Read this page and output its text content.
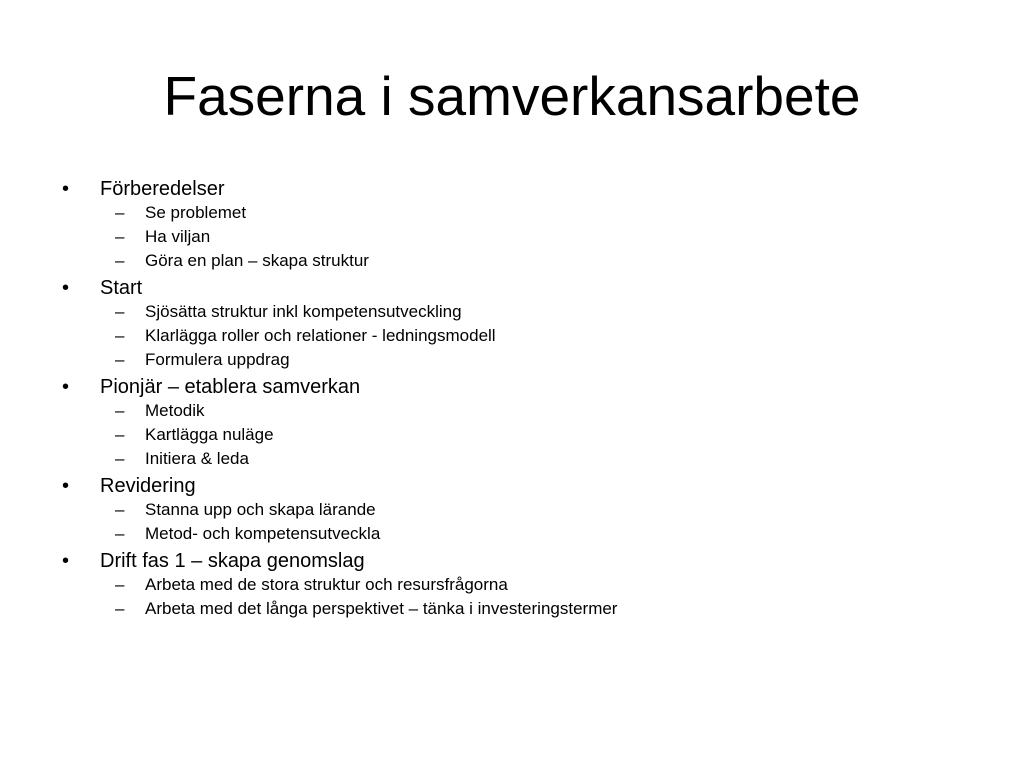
Faserna i samverkansarbete
• Förberedelser
– Se problemet
– Ha viljan
– Göra en plan – skapa struktur
• Start
– Sjösätta struktur inkl kompetensutveckling
– Klarlägga roller och relationer - ledningsmodell
– Formulera uppdrag
• Pionjär – etablera samverkan
– Metodik
– Kartlägga nuläge
– Initiera & leda
• Revidering
– Stanna upp och skapa lärande
– Metod- och kompetensutveckla
• Drift fas 1 – skapa genomslag
– Arbeta med de stora struktur och resursfrågorna
– Arbeta med det långa perspektivet – tänka i investeringstermer
